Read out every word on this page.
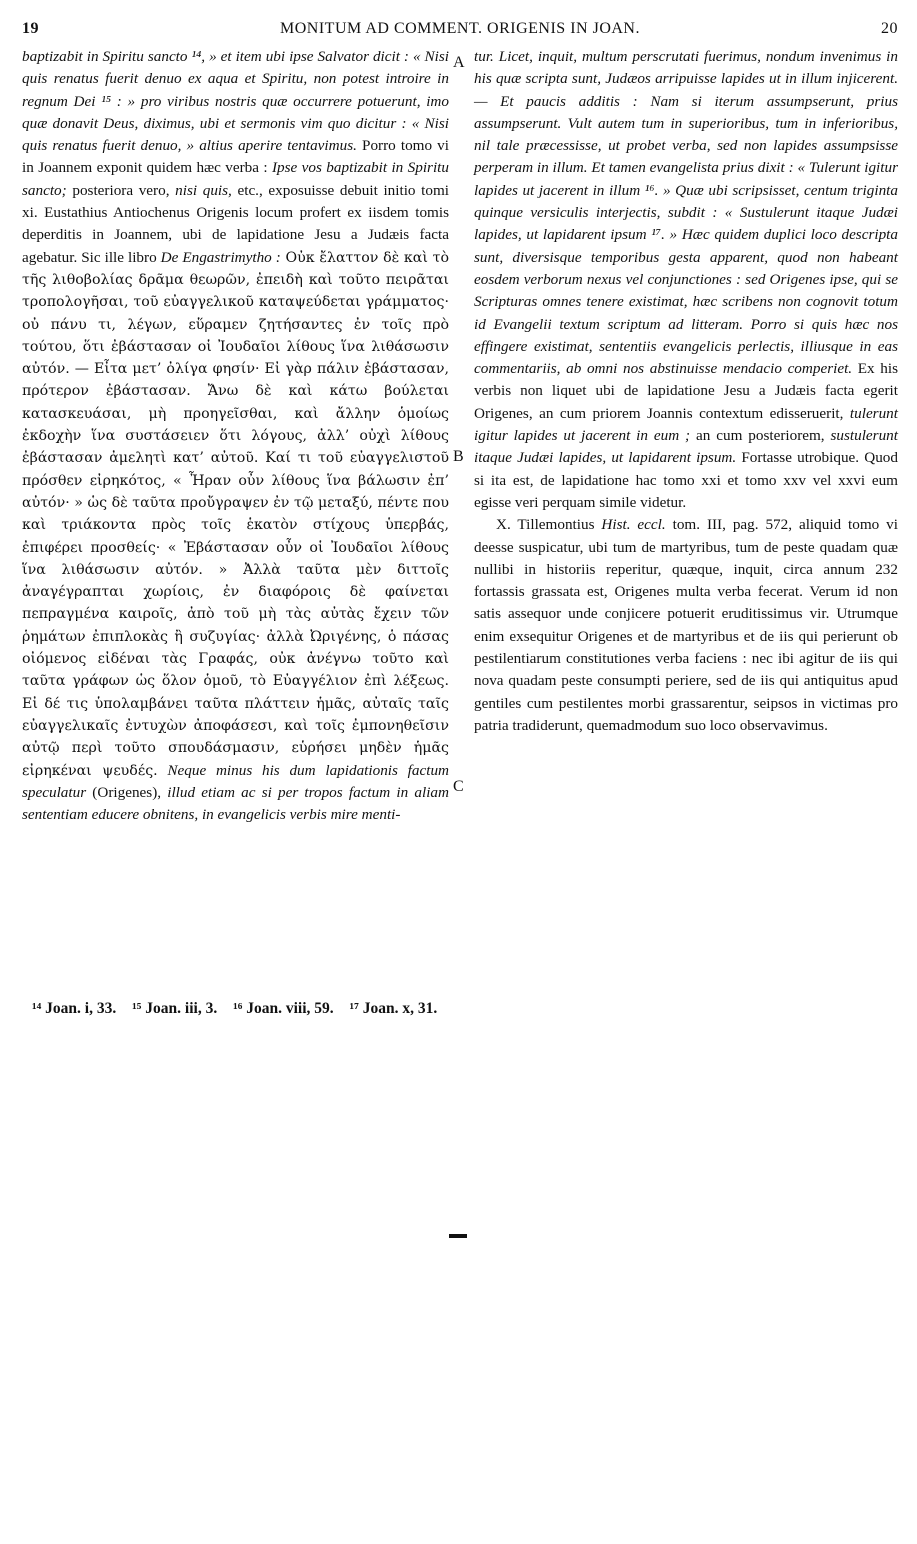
19	MONITUM AD COMMENT. ORIGENIS IN JOAN.	20
A
B
C

baptizabit in Spiritu sancto ¹⁴, » et item ubi ipse Salvator dicit : « Nisi quis renatus fuerit denuo ex aqua et Spiritu, non potest introire in regnum Dei ¹⁵ : » pro viribus nostris quæ occurrere potuerunt, imo quæ donavit Deus, diximus, ubi et sermonis vim quo dicitur : « Nisi quis renatus fuerit denuo, » altius aperire tentavimus. Porro tomo vi in Joannem exponit quidem hæc verba : Ipse vos baptizabit in Spiritu sancto; posteriora vero, nisi quis, etc., exposuisse debuit initio tomi xi. Eustathius Antiochenus Origenis locum profert ex iisdem tomis deperditis in Joannem, ubi de lapidatione Jesu a Judæis facta agebatur. Sic ille libro De Engastrimytho : Οὐκ ἔλαττον δὲ καὶ τὸ τῆς λιθοβολίας δρᾶμα θεωρῶν, ἐπειδὴ καὶ τοῦτο πειρᾶται τροπολογῆσαι, τοῦ εὐαγγελικοῦ καταψεύδεται γράμματος· οὐ πάνυ τι, λέγων, εὕραμεν ζητήσαντες ἐν τοῖς πρὸ τούτου, ὅτι ἐβάστασαν οἱ Ἰουδαῖοι λίθους ἵνα λιθάσωσιν αὐτόν. — Εἶτα μετ’ ὀλίγα φησίν· Εἰ γὰρ πάλιν ἐβάστασαν, πρότερον ἐβάστασαν. Ἄνω δὲ καὶ κάτω βούλεται κατασκευάσαι, μὴ προηγεῖσθαι, καὶ ἄλλην ὁμοίως ἐκδοχὴν ἵνα συστάσειεν ὅτι λόγους, ἀλλ’ οὐχὶ λίθους ἐβάστασαν ἀμελητὶ κατ’ αὐτοῦ. Καί τι τοῦ εὐαγγελιστοῦ πρόσθεν εἰρηκότος, « Ἦραν οὖν λίθους ἵνα βάλωσιν ἐπ’ αὐτόν· » ὡς δὲ ταῦτα προὔγραψεν ἐν τῷ μεταξύ, πέντε που καὶ τριάκοντα πρὸς τοῖς ἑκατὸν στίχους ὑπερβάς, ἐπιφέρει προσθείς· « Ἐβάστασαν οὖν οἱ Ἰουδαῖοι λίθους ἵνα λιθάσωσιν αὐτόν. » Ἀλλὰ ταῦτα μὲν διττοῖς ἀναγέγραπται χωρίοις, ἐν διαφόροις δὲ φαίνεται πεπραγμένα καιροῖς, ἀπὸ τοῦ μὴ τὰς αὐτὰς ἔχειν τῶν ῥημάτων ἐπιπλοκὰς ἢ συζυγίας· ἀλλὰ Ὠριγένης, ὁ πάσας οἰόμενος εἰδέναι τὰς Γραφάς, οὐκ ἀνέγνω τοῦτο καὶ ταῦτα γράφων ὡς ὅλον ὁμοῦ, τὸ Εὐαγγέλιον ἐπὶ λέξεως. Εἰ δέ τις ὑπολαμβάνει ταῦτα πλάττειν ἡμᾶς, αὐταῖς ταῖς εὐαγγελικαῖς ἐντυχὼν ἀποφάσεσι, καὶ τοῖς ἐμπονηθεῖσιν αὐτῷ περὶ τοῦτο σπουδάσμασιν, εὑρήσει μηδὲν ἡμᾶς εἰρηκέναι ψευδές. Neque minus his dum lapidationis factum speculatur (Origenes), illud etiam ac si per tropos factum in aliam sententiam educere obnitens, in evangelicis verbis mire menti-

tur. Licet, inquit, multum perscrutati fuerimus, nondum invenimus in his quæ scripta sunt, Judæos arripuisse lapides ut in illum injicerent. — Et paucis additis : Nam si iterum assumpserunt, prius assumpserunt. Vult autem tum in superioribus, tum in inferioribus, nil tale præcessisse, ut probet verba, sed non lapides assumpsisse perperam in illum. Et tamen evangelista prius dixit : « Tulerunt igitur lapides ut jacerent in illum ¹⁶. » Quæ ubi scripsisset, centum triginta quinque versiculis interjectis, subdit : « Sustulerunt itaque Judæi lapides, ut lapidarent ipsum ¹⁷. » Hæc quidem duplici loco descripta sunt, diversisque temporibus gesta apparent, quod non habeant eosdem verborum nexus vel conjunctiones : sed Origenes ipse, qui se Scripturas omnes tenere existimat, hæc scribens non cognovit totum id Evangelii textum scriptum ad litteram. Porro si quis hæc nos effingere existimat, sententiis evangelicis perlectis, illiusque in eas commentariis, ab omni nos abstinuisse mendacio comperiet. Ex his verbis non liquet ubi de lapidatione Jesu a Judæis facta egerit Origenes, an cum priorem Joannis contextum edisseruerit, tulerunt igitur lapides ut jacerent in eum ; an cum posteriorem, sustulerunt itaque Judæi lapides, ut lapidarent ipsum. Fortasse utrobique. Quod si ita est, de lapidatione hac tomo xxi et tomo xxv vel xxvi eum egisse veri perquam simile videtur.

X. Tillemontius Hist. eccl. tom. III, pag. 572, aliquid tomo vi deesse suspicatur, ubi tum de martyribus, tum de peste quadam quæ nullibi in historiis reperitur, quæque, inquit, circa annum 232 fortassis grassata est, Origenes multa verba fecerat. Verum id non satis assequor unde conjicere potuerit eruditissimus vir. Utrumque enim exsequitur Origenes et de martyribus et de iis qui perierunt ob pestilentiarum constitutiones verba faciens : nec ibi agitur de iis qui nova quadam peste consumpti periere, sed de iis qui antiquitus apud gentiles cum pestilentes morbi grassarentur, seipsos in victimas pro patria tradiderunt, quemadmodum suo loco observavimus.

¹⁴ Joan. i, 33. ¹⁵ Joan. iii, 3. ¹⁶ Joan. viii, 59. ¹⁷ Joan. x, 31.
